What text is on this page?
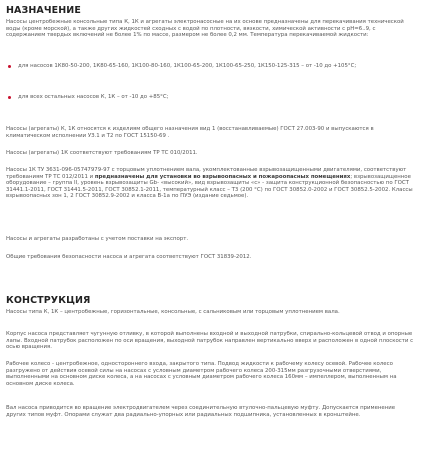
НАЗНАЧЕНИЕ

Насосы центробежные консольные типа К, 1К и агрегаты электронасосные на их основе предназначены для перекачивания технической воды (кроме морской), а также других жидкостей сходных с водой по плотности, вязкости, химической активности с pH=6..9, с содержанием твердых включений не более 1% по массе, размером не более 0,2 мм. Температура перекачиваемой жидкости:

для насосов 1К80-50-200, 1К80-65-160, 1К100-80-160, 1К100-65-200, 1К100-65-250, 1К150-125-315 – от -10 до +105°С;
для всех остальных насосов К, 1К – от -10 до +85°С;

Насосы (агрегаты) К, 1К относятся к изделиям общего назначения вид 1 (восстанавливаемые) ГОСТ 27.003-90 и выпускаются в климатическом исполнении УЗ.1 и Т2 по ГОСТ 15150-69 .

Насосы (агрегаты) 1К соответствуют требованиям ТР ТС 010/2011.

Насосы 1К ТУ 3631-096-05747979-97 с торцовым уплотнением вала, укомплектованные взрывозащищенными двигателями, соответствуют требованиям ТР ТС 012/2011 и предназначены для установки во взрывоопасных и пожароопасных помещениях; взрывозащищенное оборудование – группа II, уровень взрывозащиты Gb- «высокий», вид взрывозащиты «с» - защита конструкционной безопасностью по ГОСТ 31441.1-2011, ГОСТ 31441.5-2011, ГОСТ 30852.1-2011, температурный класс – Т3 (200 °С) по ГОСТ 30852.0-2002 и ГОСТ 30852.5-2002. Классы взрывоопасных зон 1, 2 ГОСТ 30852.9-2002 и класса В-1а по ПУЭ (издание седьмое).

Насосы и агрегаты разработаны с учетом поставки на экспорт.

Общие требования безопасности насоса и агрегата соответствуют ГОСТ 31839-2012.

КОНСТРУКЦИЯ

Насосы типа К, 1К – центробежные, горизонтальные, консольные, с сальниковым или торцовым уплотнением вала.

Корпус насоса представляет чугунную отливку, в которой выполнены входной и выходной патрубки, спирально-кольцевой отвод и опорные лапы. Входной патрубок расположен по оси вращения, выходной патрубок направлен вертикально вверх и расположен в одной плоскости с осью вращения.

Рабочее колесо - центробежное, одностороннего входа, закрытого типа. Подвод жидкости к рабочему колесу осевой. Рабочее колесо разгружено от действия осевой силы на насосах с условным диаметром рабочего колеса 200-315мм разгрузочными отверстиями, выполненными на основном диске колеса, а на насосах с условным диаметром рабочего колеса 160мм – импеллером, выполненным на основном диске колеса.

Вал насоса приводится во вращение электродвигателем через соединительную втулочно-пальцевую муфту. Допускается применение других типов муфт. Опорами служат два радиально-упорных или радиальных подшипника, установленных в кронштейне.
